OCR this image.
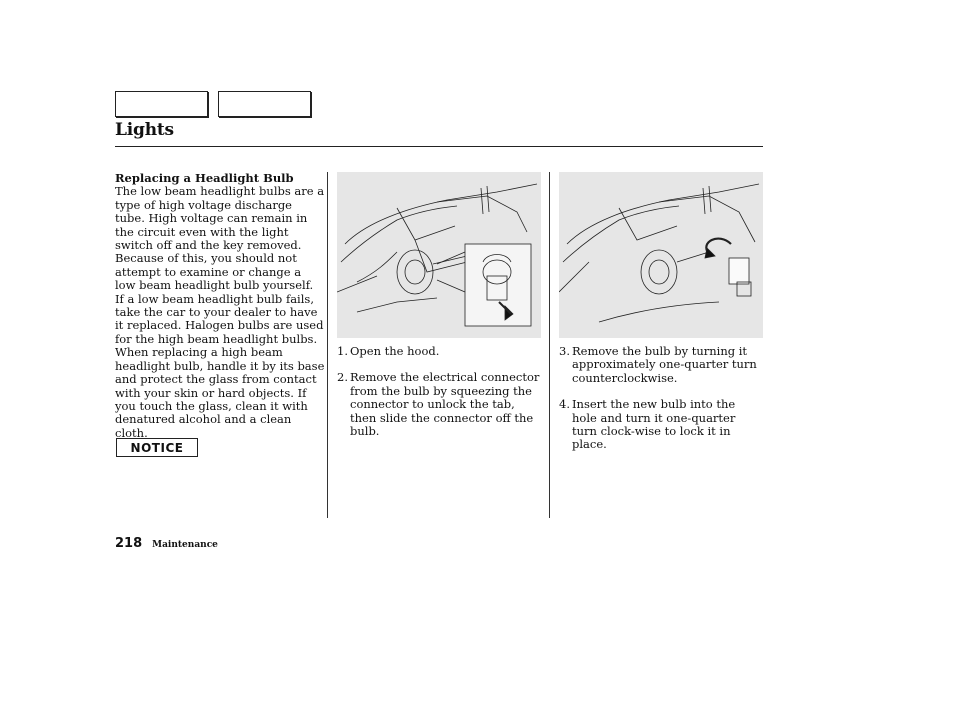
Lights
Replacing a Headlight Bulb

The low beam headlight bulbs are a type of high voltage discharge tube. High voltage can remain in the circuit even with the light switch off and the key removed. Because of this, you should not attempt to examine or change a low beam headlight bulb yourself. If a low beam headlight bulb fails, take the car to your dealer to have it replaced. Halogen bulbs are used for the high beam headlight bulbs. When replacing a high beam headlight bulb, handle it by its base and protect the glass from contact with your skin or hard objects. If you touch the glass, clean it with denatured alcohol and a clean cloth.

NOTICE
1. Open the hood.
2. Remove the electrical connector from the bulb by squeezing the connector to unlock the tab, then slide the connector off the bulb.
3. Remove the bulb by turning it approximately one-quarter turn counterclockwise.
4. Insert the new bulb into the hole and turn it one-quarter turn clock-wise to lock it in place.
218 Maintenance
